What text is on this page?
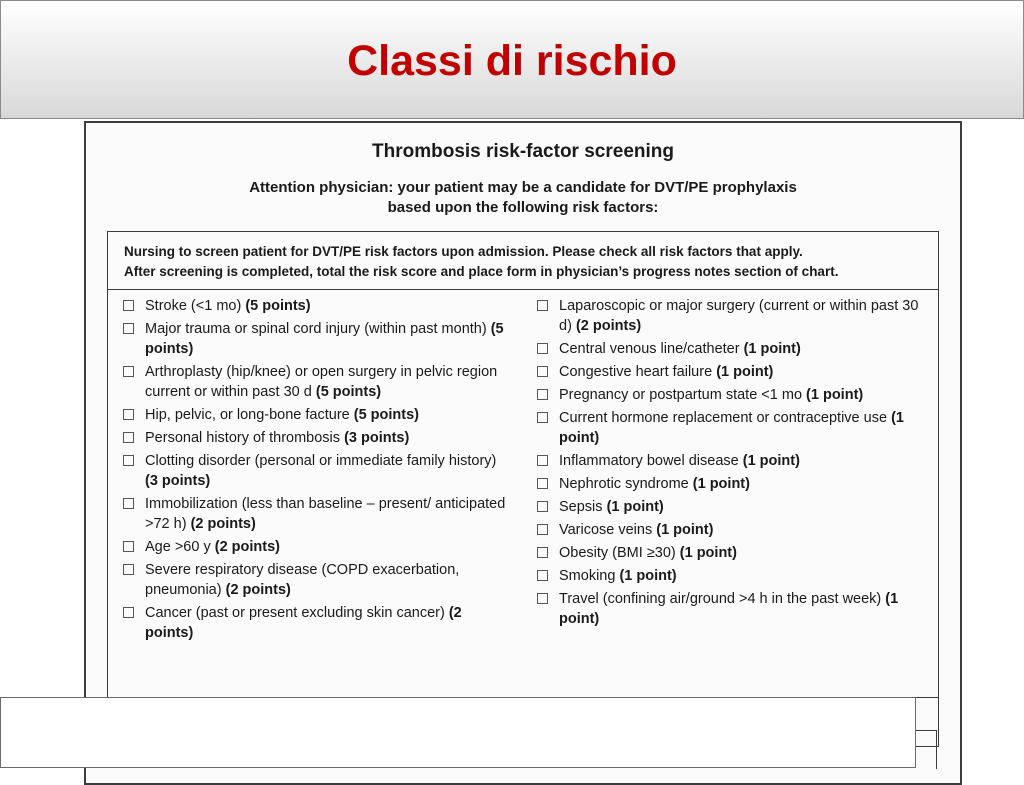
Classi di rischio
Thrombosis risk-factor screening
Attention physician: your patient may be a candidate for DVT/PE prophylaxis
based upon the following risk factors:
Nursing to screen patient for DVT/PE risk factors upon admission. Please check all risk factors that apply.
After screening is completed, total the risk score and place form in physician’s progress notes section of chart.
Stroke (<1 mo) (5 points)
Major trauma or spinal cord injury (within past month) (5 points)
Arthroplasty (hip/knee) or open surgery in pelvic region current or within past 30 d (5 points)
Hip, pelvic, or long-bone facture (5 points)
Personal history of thrombosis (3 points)
Clotting disorder (personal or immediate family history) (3 points)
Immobilization (less than baseline – present/ anticipated >72 h) (2 points)
Age >60 y (2 points)
Severe respiratory disease (COPD exacerbation, pneumonia) (2 points)
Cancer (past or present excluding skin cancer) (2 points)
Laparoscopic or major surgery (current or within past 30 d) (2 points)
Central venous line/catheter (1 point)
Congestive heart failure (1 point)
Pregnancy or postpartum state <1 mo (1 point)
Current hormone replacement or contraceptive use (1 point)
Inflammatory bowel disease (1 point)
Nephrotic syndrome (1 point)
Sepsis (1 point)
Varicose veins (1 point)
Obesity (BMI ≥30) (1 point)
Smoking (1 point)
Travel (confining air/ground >4 h in the past week) (1 point)
